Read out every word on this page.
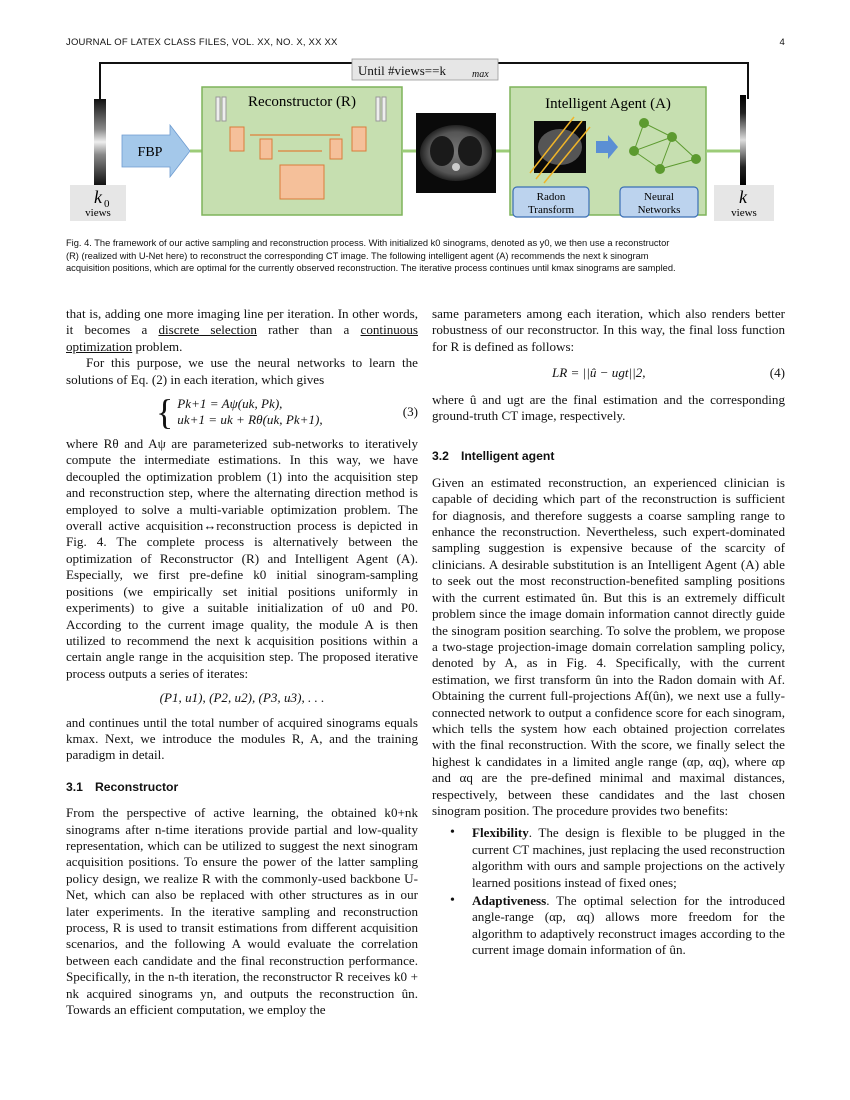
JOURNAL OF LATEX CLASS FILES, VOL. XX, NO. X, XX XX	4
Until #views==k	max
k 0
views
FBP
Reconstructor (R)	Intelligent Agent (A)
Radon
Transform
Neural
Networks
k
views
Fig. 4. The framework of our active sampling and reconstruction process. With initialized k0 sinograms, denoted as y0, we then use a reconstructor
(R) (realized with U-Net here) to reconstruct the corresponding CT image. The following intelligent agent (A) recommends the next k sinogram
acquisition positions, which are optimal for the currently observed reconstruction. The iterative process continues until kmax sinograms are sampled.

that is, adding one more imaging line per iteration. In other words, it becomes a discrete selection rather than a continuous optimization problem.

For this purpose, we use the neural networks to learn the solutions of Eq. (2) in each iteration, which gives

{ Pk+1 = Aψ(uk, Pk),
uk+1 = uk + Rθ(uk, Pk+1),
(3)

where Rθ and Aψ are parameterized sub-networks to iteratively compute the intermediate estimations. In this way, we have decoupled the optimization problem (1) into the acquisition step and reconstruction step, where the alternating direction method is employed to solve a multi-variable optimization problem. The overall active acquisition↔reconstruction process is depicted in Fig. 4. The complete process is alternatively between the optimization of Reconstructor (R) and Intelligent Agent (A). Especially, we first pre-define k0 initial sinogram-sampling positions (we empirically set initial positions uniformly in experiments) to give a suitable initialization of u0 and P0. According to the current image quality, the module A is then utilized to recommend the next k acquisition positions within a certain angle range in the acquisition step. The proposed iterative process outputs a series of iterates:

(P1, u1), (P2, u2), (P3, u3), . . .

and continues until the total number of acquired sinograms equals kmax. Next, we introduce the modules R, A, and the training paradigm in detail.

3.1 Reconstructor

From the perspective of active learning, the obtained k0+nk sinograms after n-time iterations provide partial and low-quality representation, which can be utilized to suggest the next sinogram acquisition positions. To ensure the power of the latter sampling policy design, we realize R with the commonly-used backbone U-Net, which can also be replaced with other structures as in our later experiments. In the iterative sampling and reconstruction process, R is used to transit estimations from different acquisition scenarios, and the following A would evaluate the correlation between each candidate and the final reconstruction performance. Specifically, in the n-th iteration, the reconstructor R receives k0 + nk acquired sinograms yn, and outputs the reconstruction ûn. Towards an efficient computation, we employ the

same parameters among each iteration, which also renders better robustness of our reconstructor. In this way, the final loss function for R is defined as follows:

LR = ||û − ugt||2,	(4)

where û and ugt are the final estimation and the corresponding ground-truth CT image, respectively.

3.2 Intelligent agent

Given an estimated reconstruction, an experienced clinician is capable of deciding which part of the reconstruction is sufficient for diagnosis, and therefore suggests a coarse sampling range to enhance the reconstruction. Nevertheless, such expert-dominated sampling suggestion is expensive because of the scarcity of clinicians. A desirable substitution is an Intelligent Agent (A) able to seek out the most reconstruction-benefited sampling positions with the current estimated ûn. But this is an extremely difficult problem since the image domain information cannot directly guide the sinogram position searching. To solve the problem, we propose a two-stage projection-image domain correlation sampling policy, denoted by A, as in Fig. 4. Specifically, with the current estimation, we first transform ûn into the Radon domain with Af. Obtaining the current full-projections Af(ûn), we next use a fully-connected network to output a confidence score for each sinogram, which tells the system how each obtained projection correlates with the final reconstruction. With the score, we finally select the highest k candidates in a limited angle range (αp, αq), where αp and αq are the pre-defined minimal and maximal distances, respectively, between these candidates and the last chosen sinogram position. The procedure provides two benefits:

• Flexibility. The design is flexible to be plugged in the current CT machines, just replacing the used reconstruction algorithm with ours and sample projections on the actively learned positions instead of fixed ones;
• Adaptiveness. The optimal selection for the introduced angle-range (αp, αq) allows more freedom for the algorithm to adaptively reconstruct images according to the current image domain information of ûn.
